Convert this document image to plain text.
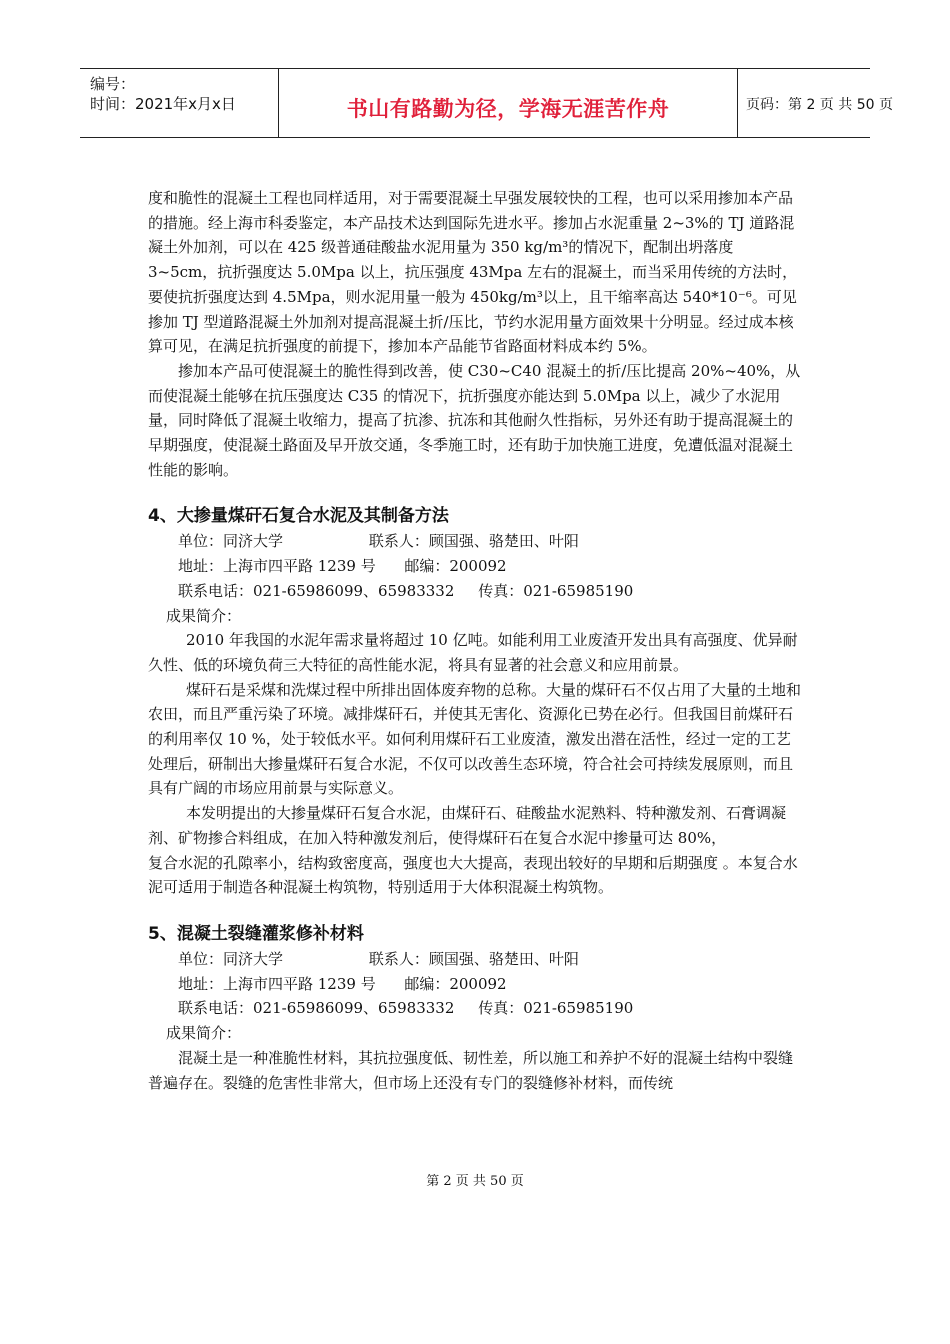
编号：
时间：2021年x月x日	书山有路勤为径，学海无涯苦作舟	页码：第 2 页 共 50 页

度和脆性的混凝土工程也同样适用，对于需要混凝土早强发展较快的工程，也可以采用掺加本产品的措施。经上海市科委鉴定，本产品技术达到国际先进水平。掺加占水泥重量 2~3%的 TJ 道路混凝土外加剂，可以在 425 级普通硅酸盐水泥用量为 350 kg/m³的情况下，配制出坍落度 3~5cm，抗折强度达 5.0Mpa 以上，抗压强度 43Mpa 左右的混凝土，而当采用传统的方法时，要使抗折强度达到 4.5Mpa，则水泥用量一般为 450kg/m³以上，且干缩率高达 540*10⁻⁶。可见掺加 TJ 型道路混凝土外加剂对提高混凝土折/压比，节约水泥用量方面效果十分明显。经过成本核算可见，在满足抗折强度的前提下，掺加本产品能节省路面材料成本约 5%。

掺加本产品可使混凝土的脆性得到改善，使 C30~C40 混凝土的折/压比提高 20%~40%，从而使混凝土能够在抗压强度达 C35 的情况下，抗折强度亦能达到 5.0Mpa 以上，减少了水泥用量，同时降低了混凝土收缩力，提高了抗渗、抗冻和其他耐久性指标，另外还有助于提高混凝土的早期强度，使混凝土路面及早开放交通，冬季施工时，还有助于加快施工进度，免遭低温对混凝土性能的影响。

4、大掺量煤矸石复合水泥及其制备方法
单位：同济大学                  联系人：顾国强、骆楚田、叶阳
地址：上海市四平路 1239 号      邮编：200092
联系电话：021-65986099、65983332     传真：021-65985190
成果简介：

2010 年我国的水泥年需求量将超过 10 亿吨。如能利用工业废渣开发出具有高强度、优异耐久性、低的环境负荷三大特征的高性能水泥，将具有显著的社会意义和应用前景。

煤矸石是采煤和洗煤过程中所排出固体废弃物的总称。大量的煤矸石不仅占用了大量的土地和农田，而且严重污染了环境。减排煤矸石，并使其无害化、资源化已势在必行。但我国目前煤矸石的利用率仅 10 %，处于较低水平。如何利用煤矸石工业废渣，激发出潜在活性，经过一定的工艺处理后，研制出大掺量煤矸石复合水泥，不仅可以改善生态环境，符合社会可持续发展原则，而且具有广阔的市场应用前景与实际意义。

本发明提出的大掺量煤矸石复合水泥，由煤矸石、硅酸盐水泥熟料、特种激发剂、石膏调凝剂、矿物掺合料组成，在加入特种激发剂后，使得煤矸石在复合水泥中掺量可达 80%，

复合水泥的孔隙率小，结构致密度高，强度也大大提高，表现出较好的早期和后期强度 。本复合水泥可适用于制造各种混凝土构筑物，特别适用于大体积混凝土构筑物。

5、混凝土裂缝灌浆修补材料
单位：同济大学                  联系人：顾国强、骆楚田、叶阳
地址：上海市四平路 1239 号      邮编：200092
联系电话：021-65986099、65983332     传真：021-65985190
成果简介：

混凝土是一种准脆性材料，其抗拉强度低、韧性差，所以施工和养护不好的混凝土结构中裂缝普遍存在。裂缝的危害性非常大，但市场上还没有专门的裂缝修补材料，而传统

第 2 页 共 50 页
